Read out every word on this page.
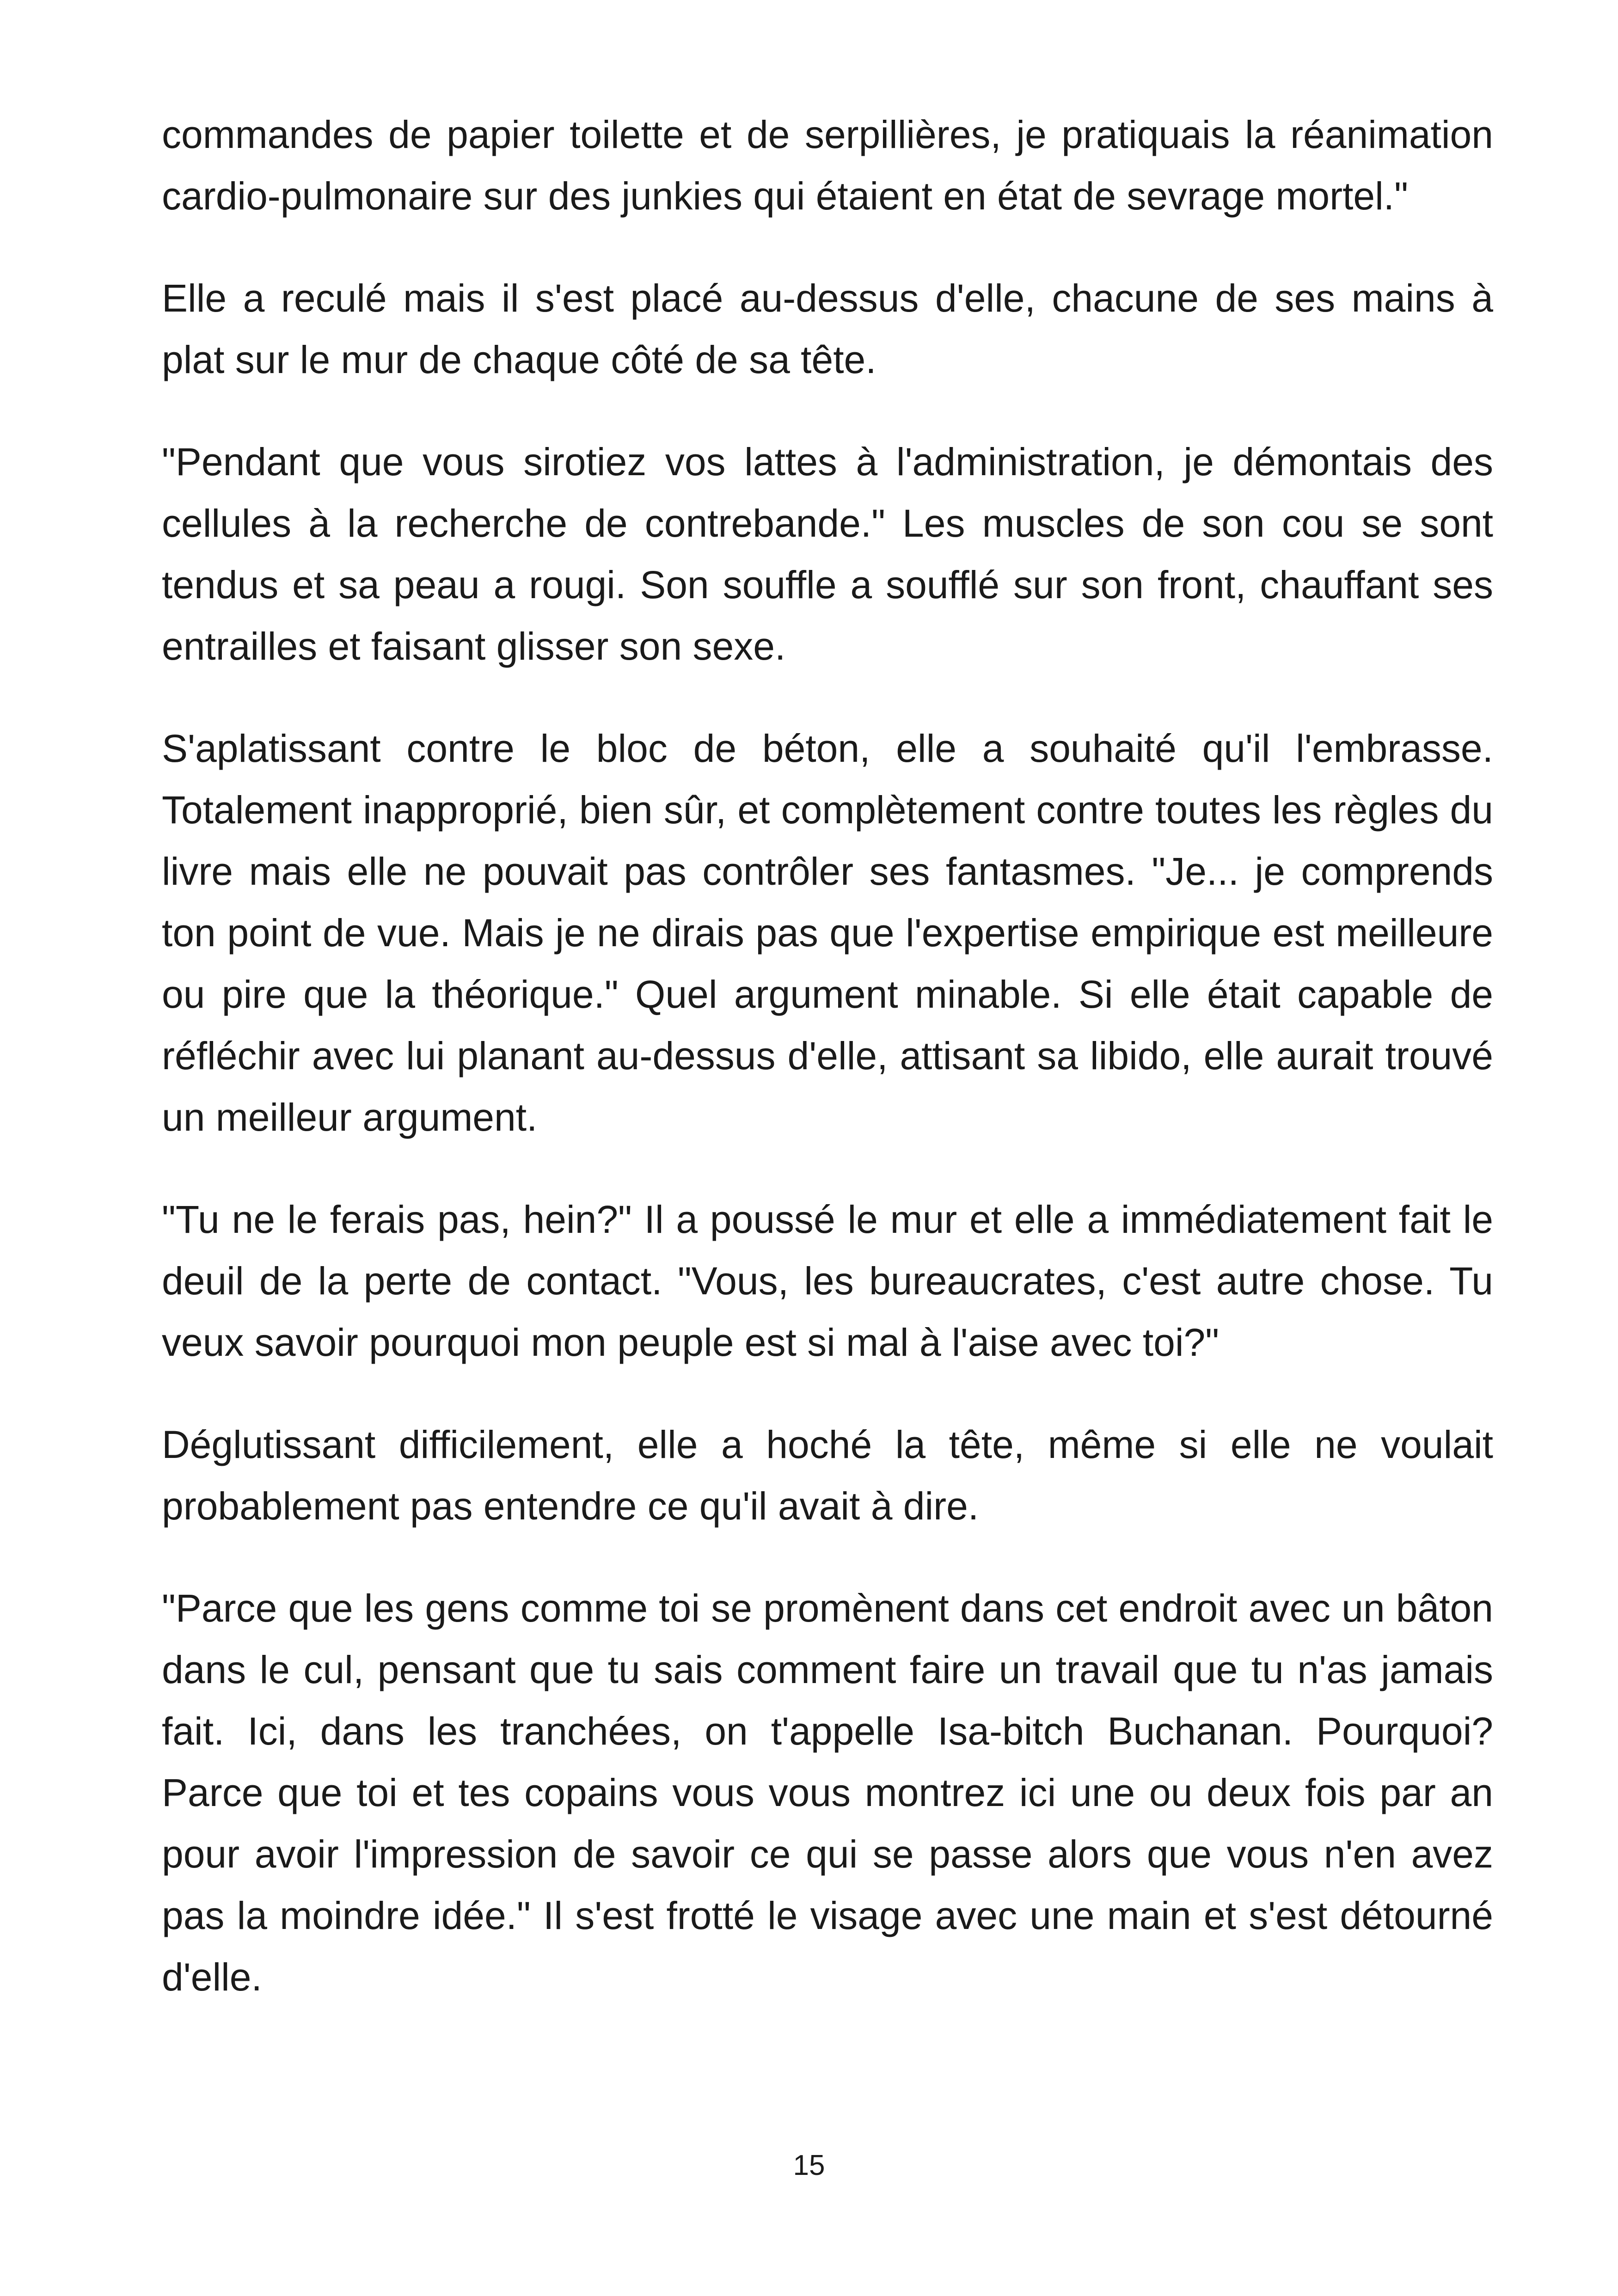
commandes de papier toilette et de serpillières, je pratiquais la réanimation cardio-pulmonaire sur des junkies qui étaient en état de sevrage mortel."

Elle a reculé mais il s'est placé au-dessus d'elle, chacune de ses mains à plat sur le mur de chaque côté de sa tête.

"Pendant que vous sirotiez vos lattes à l'administration, je démontais des cellules à la recherche de contrebande." Les muscles de son cou se sont tendus et sa peau a rougi. Son souffle a soufflé sur son front, chauffant ses entrailles et faisant glisser son sexe.

S'aplatissant contre le bloc de béton, elle a souhaité qu'il l'embrasse. Totalement inapproprié, bien sûr, et complètement contre toutes les règles du livre mais elle ne pouvait pas contrôler ses fantasmes. "Je... je comprends ton point de vue. Mais je ne dirais pas que l'expertise empirique est meilleure ou pire que la théorique." Quel argument minable. Si elle était capable de réfléchir avec lui planant au-dessus d'elle, attisant sa libido, elle aurait trouvé un meilleur argument.

"Tu ne le ferais pas, hein?" Il a poussé le mur et elle a immédiatement fait le deuil de la perte de contact. "Vous, les bureaucrates, c'est autre chose. Tu veux savoir pourquoi mon peuple est si mal à l'aise avec toi?"

Déglutissant difficilement, elle a hoché la tête, même si elle ne voulait probablement pas entendre ce qu'il avait à dire.

"Parce que les gens comme toi se promènent dans cet endroit avec un bâton dans le cul, pensant que tu sais comment faire un travail que tu n'as jamais fait. Ici, dans les tranchées, on t'appelle Isa-bitch Buchanan. Pourquoi? Parce que toi et tes copains vous vous montrez ici une ou deux fois par an pour avoir l'impression de savoir ce qui se passe alors que vous n'en avez pas la moindre idée." Il s'est frotté le visage avec une main et s'est détourné d'elle.

15
